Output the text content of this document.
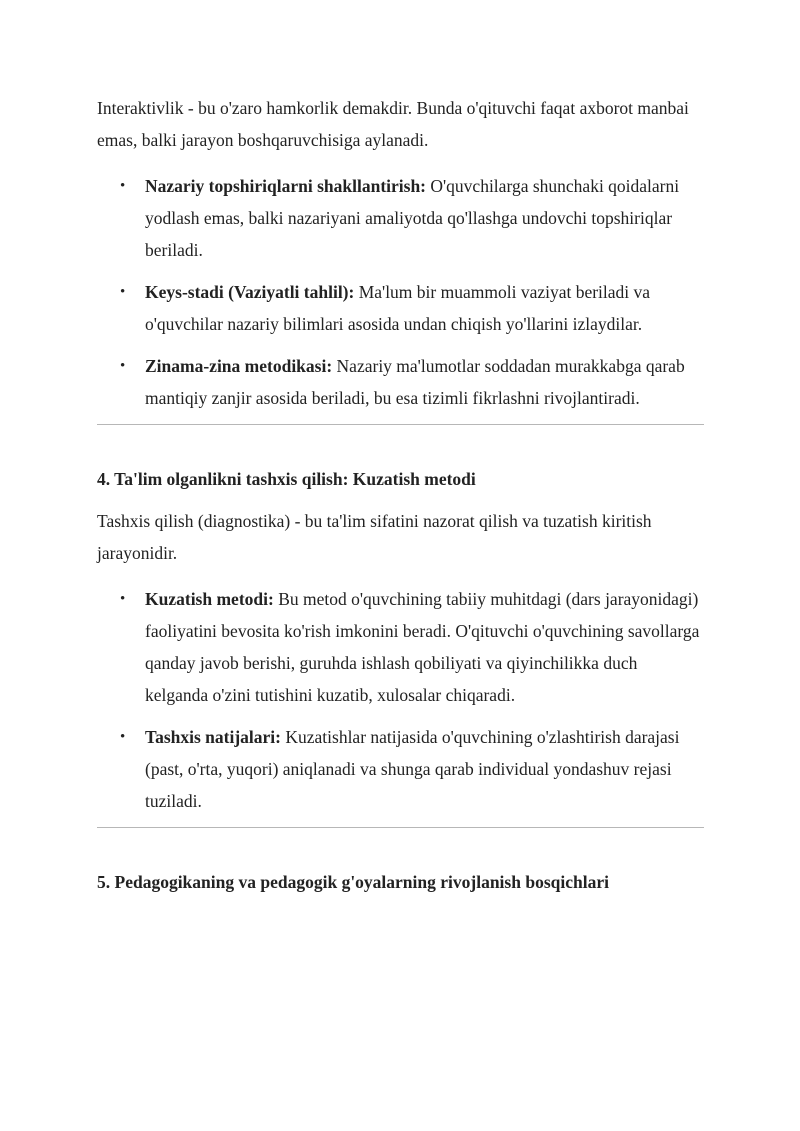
Interaktivlik - bu o'zaro hamkorlik demakdir. Bunda o'qituvchi faqat axborot manbai emas, balki jarayon boshqaruvchisiga aylanadi.

• Nazariy topshiriqlarni shakllantirish: O'quvchilarga shunchaki qoidalarni yodlash emas, balki nazariyani amaliyotda qo'llashga undovchi topshiriqlar beriladi.
• Keys-stadi (Vaziyatli tahlil): Ma'lum bir muammoli vaziyat beriladi va o'quvchilar nazariy bilimlari asosida undan chiqish yo'llarini izlaydilar.
• Zinama-zina metodikasi: Nazariy ma'lumotlar soddadan murakkabga qarab mantiqiy zanjir asosida beriladi, bu esa tizimli fikrlashni rivojlantiradi.
4. Ta'lim olganlikni tashxis qilish: Kuzatish metodi

Tashxis qilish (diagnostika) - bu ta'lim sifatini nazorat qilish va tuzatish kiritish jarayonidir.

• Kuzatish metodi: Bu metod o'quvchining tabiiy muhitdagi (dars jarayonidagi) faoliyatini bevosita ko'rish imkonini beradi. O'qituvchi o'quvchining savollarga qanday javob berishi, guruhda ishlash qobiliyati va qiyinchilikka duch kelganda o'zini tutishini kuzatib, xulosalar chiqaradi.
• Tashxis natijalari: Kuzatishlar natijasida o'quvchining o'zlashtirish darajasi (past, o'rta, yuqori) aniqlanadi va shunga qarab individual yondashuv rejasi tuziladi.
5. Pedagogikaning va pedagogik g'oyalarning rivojlanish bosqichlari
